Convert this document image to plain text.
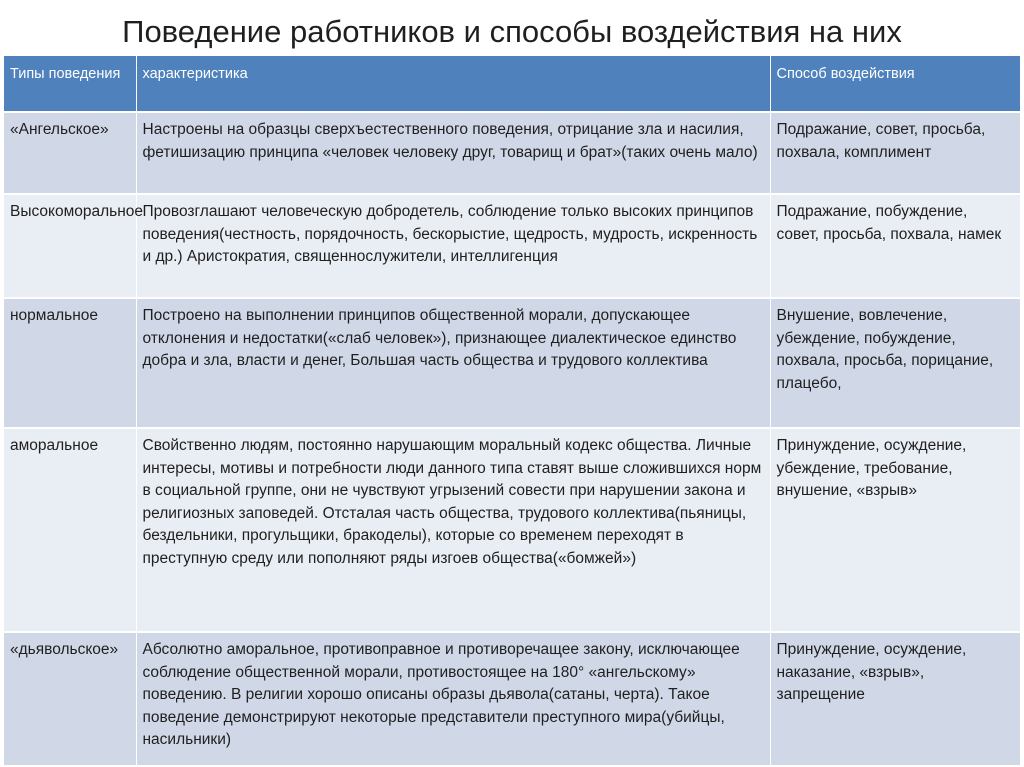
Поведение работников и способы воздействия на них
Типы поведения	характеристика	Способ воздействия
«Ангельское»	Настроены на образцы сверхъестественного поведения, отрицание зла и насилия, фетишизацию принципа «человек человеку друг, товарищ и брат»(таких очень мало)	Подражание, совет, просьба, похвала, комплимент
Высокоморальное	Провозглашают человеческую добродетель, соблюдение только высоких принципов поведения(честность, порядочность, бескорыстие, щедрость, мудрость, искренность и др.) Аристократия, священнослужители, интеллигенция	Подражание, побуждение, совет, просьба, похвала, намек
нормальное	Построено на выполнении принципов общественной морали, допускающее отклонения и недостатки(«слаб человек»), признающее диалектическое единство добра и зла, власти и денег, Большая часть общества и трудового коллектива	Внушение, вовлечение, убеждение, побуждение, похвала, просьба, порицание, плацебо,
аморальное	Свойственно людям, постоянно нарушающим моральный кодекс общества. Личные интересы, мотивы и потребности люди данного типа ставят выше сложившихся норм в социальной группе, они не чувствуют угрызений совести при нарушении закона и религиозных заповедей. Отсталая часть общества, трудового коллектива(пьяницы, бездельники, прогульщики, бракоделы), которые со временем переходят в преступную среду или пополняют ряды изгоев общества(«бомжей»)	Принуждение, осуждение, убеждение, требование, внушение, «взрыв»
«дьявольское»	Абсолютно аморальное, противоправное и противоречащее закону, исключающее соблюдение общественной морали, противостоящее на 180° «ангельскому» поведению. В религии хорошо описаны образы дьявола(сатаны, черта). Такое поведение демонстрируют некоторые представители преступного мира(убийцы, насильники)	Принуждение, осуждение, наказание, «взрыв», запрещение
